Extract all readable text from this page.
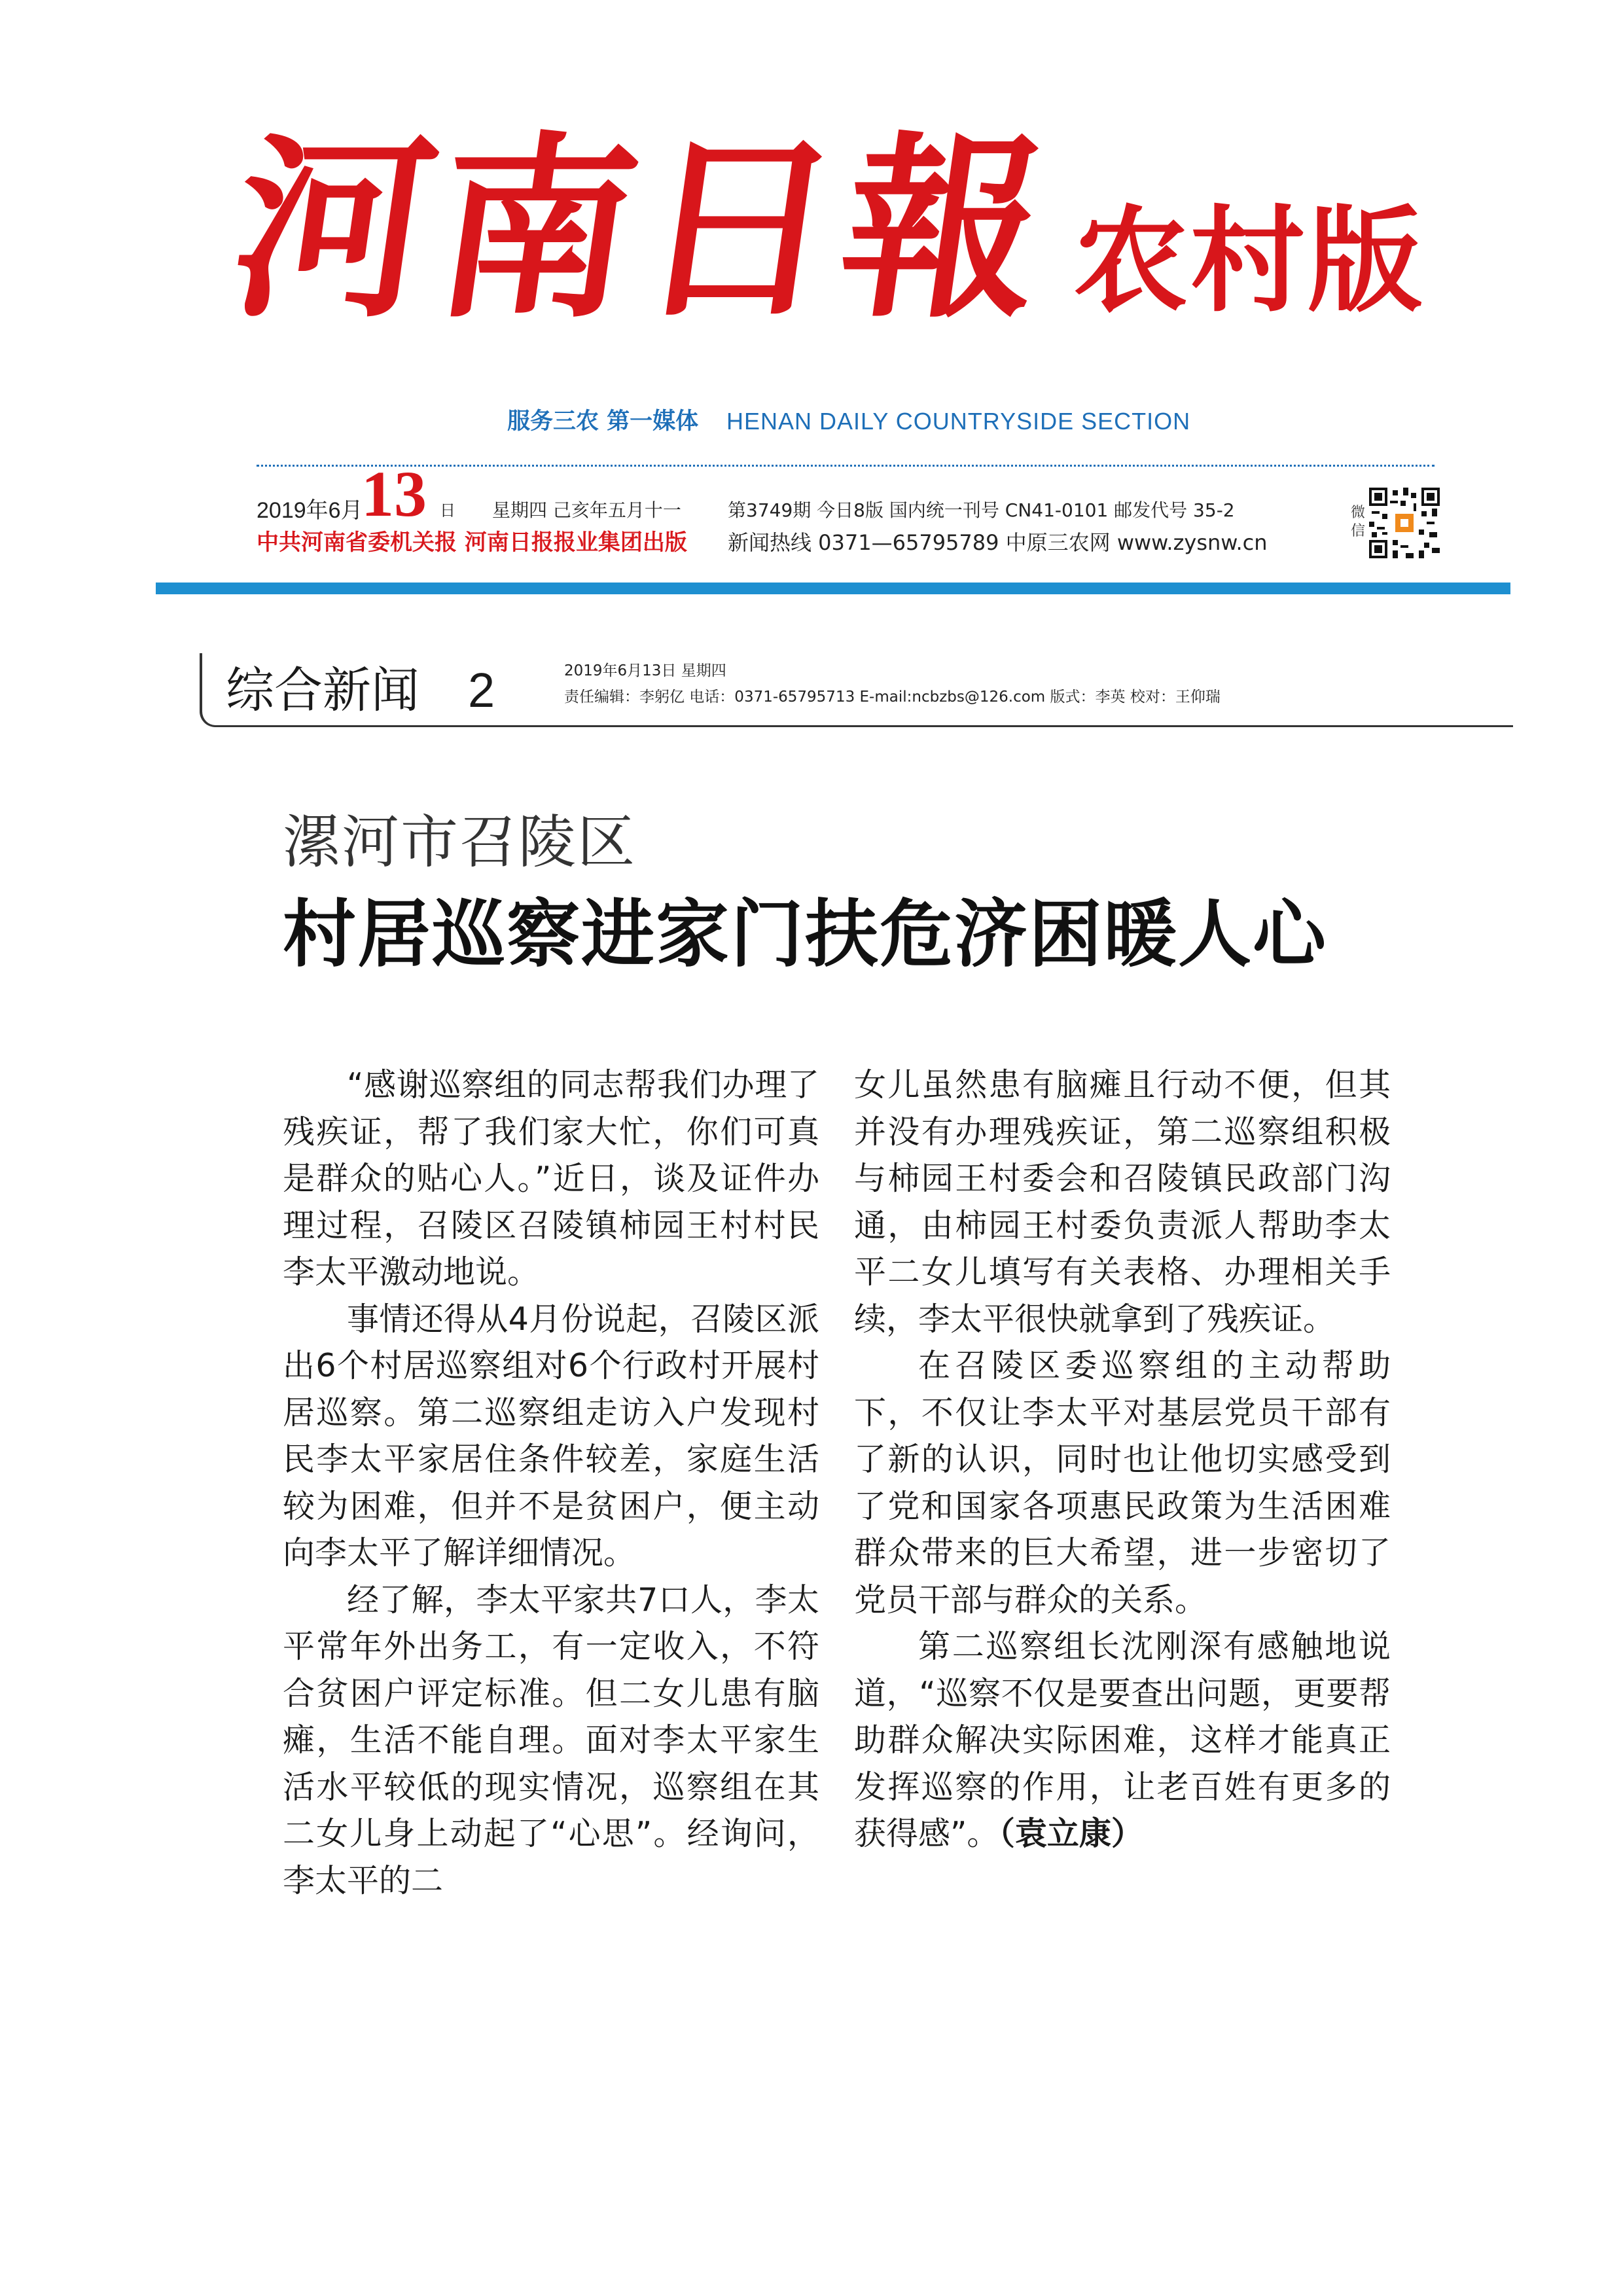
河南日報 农村版
服务三农 第一媒体 HENAN DAILY COUNTRYSIDE SECTION
2019年6月
13 日 星期四 己亥年五月十一	第3749期 今日8版 国内统一刊号 CN41-0101 邮发代号 35-2
中共河南省委机关报 河南日报报业集团出版 新闻热线 0371—65795789 中原三农网 www.zysnw.cn
微信
综合新闻 2	2019年6月13日 星期四
责任编辑：李躬亿 电话：0371-65795713 E-mail:ncbzbs@126.com 版式：李英 校对：王仰瑞
漯河市召陵区
村居巡察进家门扶危济困暖人心

“感谢巡察组的同志帮我们办理了残疾证，帮了我们家大忙，你们可真是群众的贴心人。”近日，谈及证件办理过程，召陵区召陵镇柿园王村村民李太平激动地说。

事情还得从4月份说起，召陵区派出6个村居巡察组对6个行政村开展村居巡察。第二巡察组走访入户发现村民李太平家居住条件较差，家庭生活较为困难，但并不是贫困户，便主动向李太平了解详细情况。

经了解，李太平家共7口人，李太平常年外出务工，有一定收入，不符合贫困户评定标准。但二女儿患有脑瘫，生活不能自理。面对李太平家生活水平较低的现实情况，巡察组在其二女儿身上动起了“心思”。经询问，李太平的二

女儿虽然患有脑瘫且行动不便，但其并没有办理残疾证，第二巡察组积极与柿园王村委会和召陵镇民政部门沟通，由柿园王村委负责派人帮助李太平二女儿填写有关表格、办理相关手续，李太平很快就拿到了残疾证。

在召陵区委巡察组的主动帮助下，不仅让李太平对基层党员干部有了新的认识，同时也让他切实感受到了党和国家各项惠民政策为生活困难群众带来的巨大希望，进一步密切了党员干部与群众的关系。

第二巡察组长沈刚深有感触地说道，“巡察不仅是要查出问题，更要帮助群众解决实际困难，这样才能真正发挥巡察的作用，让老百姓有更多的获得感”。（袁立康）
